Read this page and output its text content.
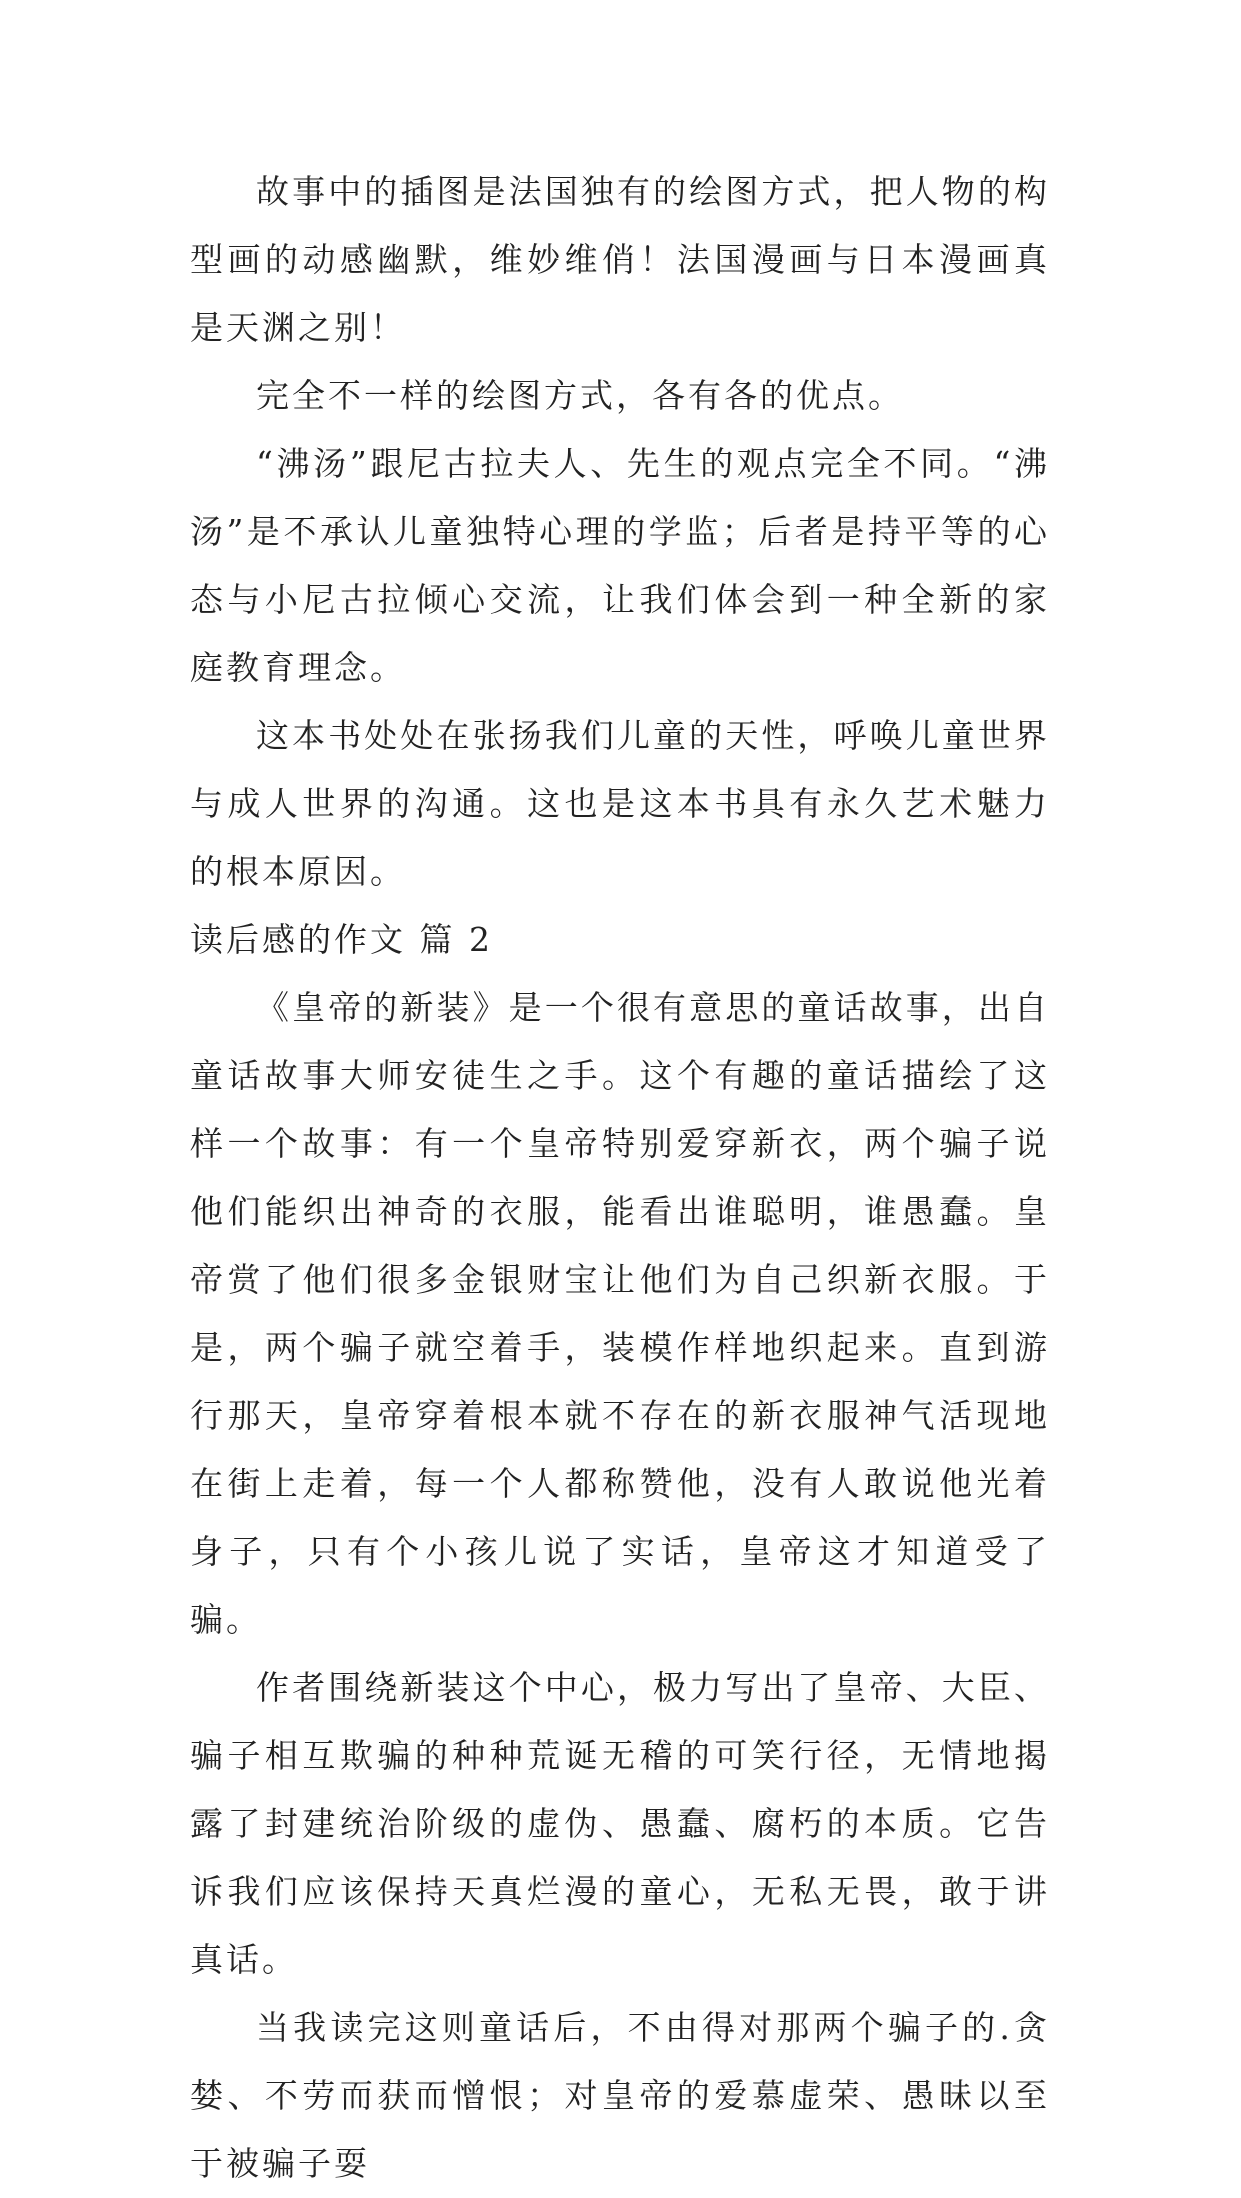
故事中的插图是法国独有的绘图方式，把人物的构型画的动感幽默，维妙维俏！法国漫画与日本漫画真是天渊之别！

完全不一样的绘图方式，各有各的优点。

“沸汤”跟尼古拉夫人、先生的观点完全不同。“沸汤”是不承认儿童独特心理的学监；后者是持平等的心态与小尼古拉倾心交流，让我们体会到一种全新的家庭教育理念。

这本书处处在张扬我们儿童的天性，呼唤儿童世界与成人世界的沟通。这也是这本书具有永久艺术魅力的根本原因。

读后感的作文 篇 2

《皇帝的新装》是一个很有意思的童话故事，出自童话故事大师安徒生之手。这个有趣的童话描绘了这样一个故事：有一个皇帝特别爱穿新衣，两个骗子说他们能织出神奇的衣服，能看出谁聪明，谁愚蠢。皇帝赏了他们很多金银财宝让他们为自己织新衣服。于是，两个骗子就空着手，装模作样地织起来。直到游行那天，皇帝穿着根本就不存在的新衣服神气活现地在街上走着，每一个人都称赞他，没有人敢说他光着身子，只有个小孩儿说了实话，皇帝这才知道受了骗。

作者围绕新装这个中心，极力写出了皇帝、大臣、骗子相互欺骗的种种荒诞无稽的可笑行径，无情地揭露了封建统治阶级的虚伪、愚蠢、腐朽的本质。它告诉我们应该保持天真烂漫的童心，无私无畏，敢于讲真话。

当我读完这则童话后，不由得对那两个骗子的.贪婪、不劳而获而憎恨；对皇帝的爱慕虚荣、愚昧以至于被骗子耍
